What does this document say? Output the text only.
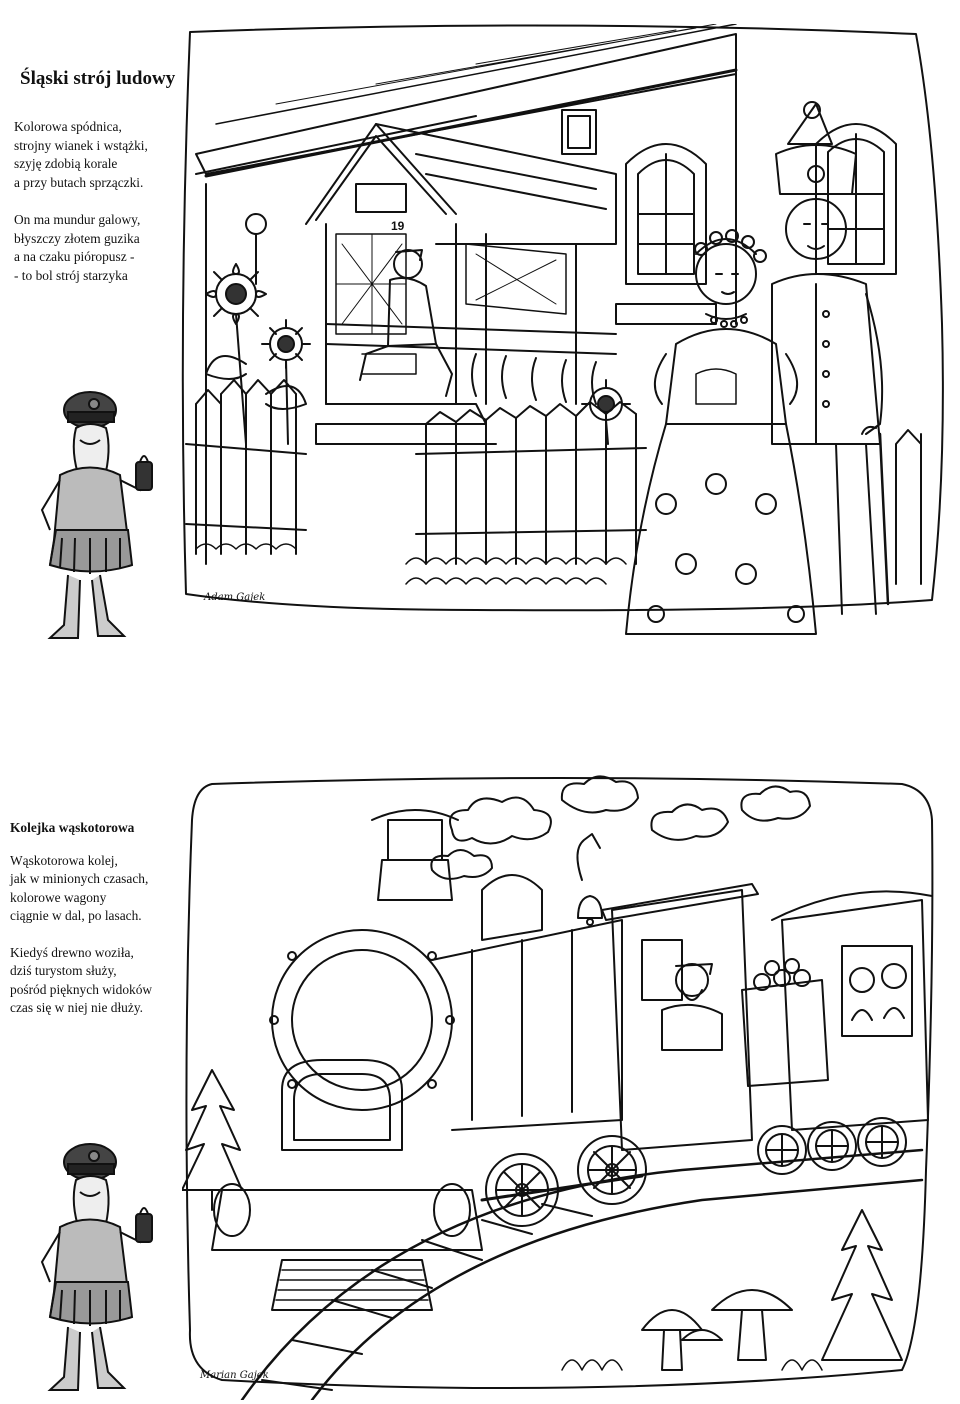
Śląski strój ludowy
Kolorowa spódnica,
strojny wianek i wstążki,
szyję zdobią korale
a przy butach sprzączki.

On ma mundur galowy,
błyszczy złotem guzika
a na czaku pióropusz -
- to bol strój starzyka
19
Adam Gajek
Kolejka wąskotorowa
Wąskotorowa kolej,
jak w minionych czasach,
kolorowe wagony
ciągnie w dal, po lasach.

Kiedyś drewno woziła,
dziś turystom służy,
pośród pięknych widoków
czas się w niej nie dłuży.
Marian Gajek
